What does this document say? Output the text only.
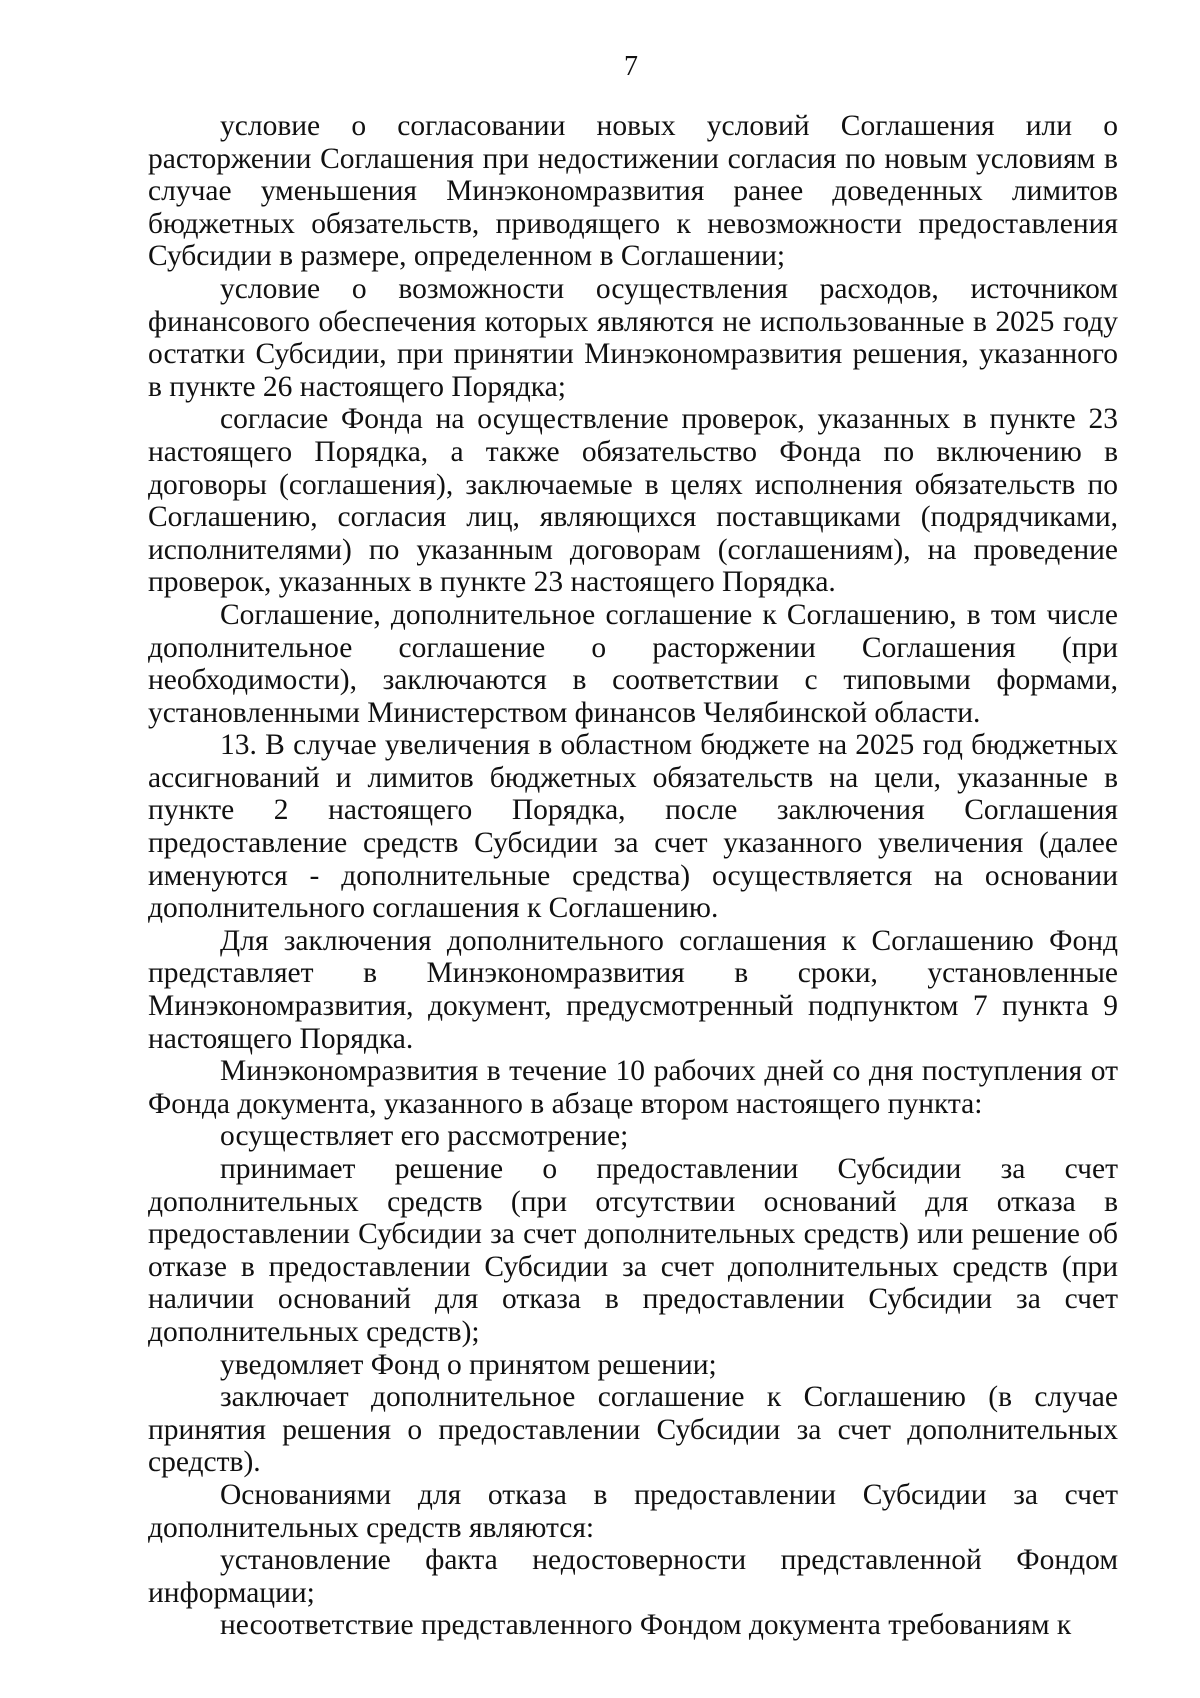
7

условие о согласовании новых условий Соглашения или о расторжении Соглашения при недостижении согласия по новым условиям в случае уменьшения Минэкономразвития ранее доведенных лимитов бюджетных обязательств, приводящего к невозможности предоставления Субсидии в размере, определенном в Соглашении;

условие о возможности осуществления расходов, источником финансового обеспечения которых являются не использованные в 2025 году остатки Субсидии, при принятии Минэкономразвития решения, указанного в пункте 26 настоящего Порядка;

согласие Фонда на осуществление проверок, указанных в пункте 23 настоящего Порядка, а также обязательство Фонда по включению в договоры (соглашения), заключаемые в целях исполнения обязательств по Соглашению, согласия лиц, являющихся поставщиками (подрядчиками, исполнителями) по указанным договорам (соглашениям), на проведение проверок, указанных в пункте 23 настоящего Порядка.

Соглашение, дополнительное соглашение к Соглашению, в том числе дополнительное соглашение о расторжении Соглашения (при необходимости), заключаются в соответствии с типовыми формами, установленными Министерством финансов Челябинской области.

13. В случае увеличения в областном бюджете на 2025 год бюджетных ассигнований и лимитов бюджетных обязательств на цели, указанные в пункте 2 настоящего Порядка, после заключения Соглашения предоставление средств Субсидии за счет указанного увеличения (далее именуются - дополнительные средства) осуществляется на основании дополнительного соглашения к Соглашению.

Для заключения дополнительного соглашения к Соглашению Фонд представляет в Минэкономразвития в сроки, установленные Минэкономразвития, документ, предусмотренный подпунктом 7 пункта 9 настоящего Порядка.

Минэкономразвития в течение 10 рабочих дней со дня поступления от Фонда документа, указанного в абзаце втором настоящего пункта:

осуществляет его рассмотрение;

принимает решение о предоставлении Субсидии за счет дополнительных средств (при отсутствии оснований для отказа в предоставлении Субсидии за счет дополнительных средств) или решение об отказе в предоставлении Субсидии за счет дополнительных средств (при наличии оснований для отказа в предоставлении Субсидии за счет дополнительных средств);

уведомляет Фонд о принятом решении;

заключает дополнительное соглашение к Соглашению (в случае принятия решения о предоставлении Субсидии за счет дополнительных средств).

Основаниями для отказа в предоставлении Субсидии за счет дополнительных средств являются:

установление факта недостоверности представленной Фондом информации;

несоответствие представленного Фондом документа требованиям к
